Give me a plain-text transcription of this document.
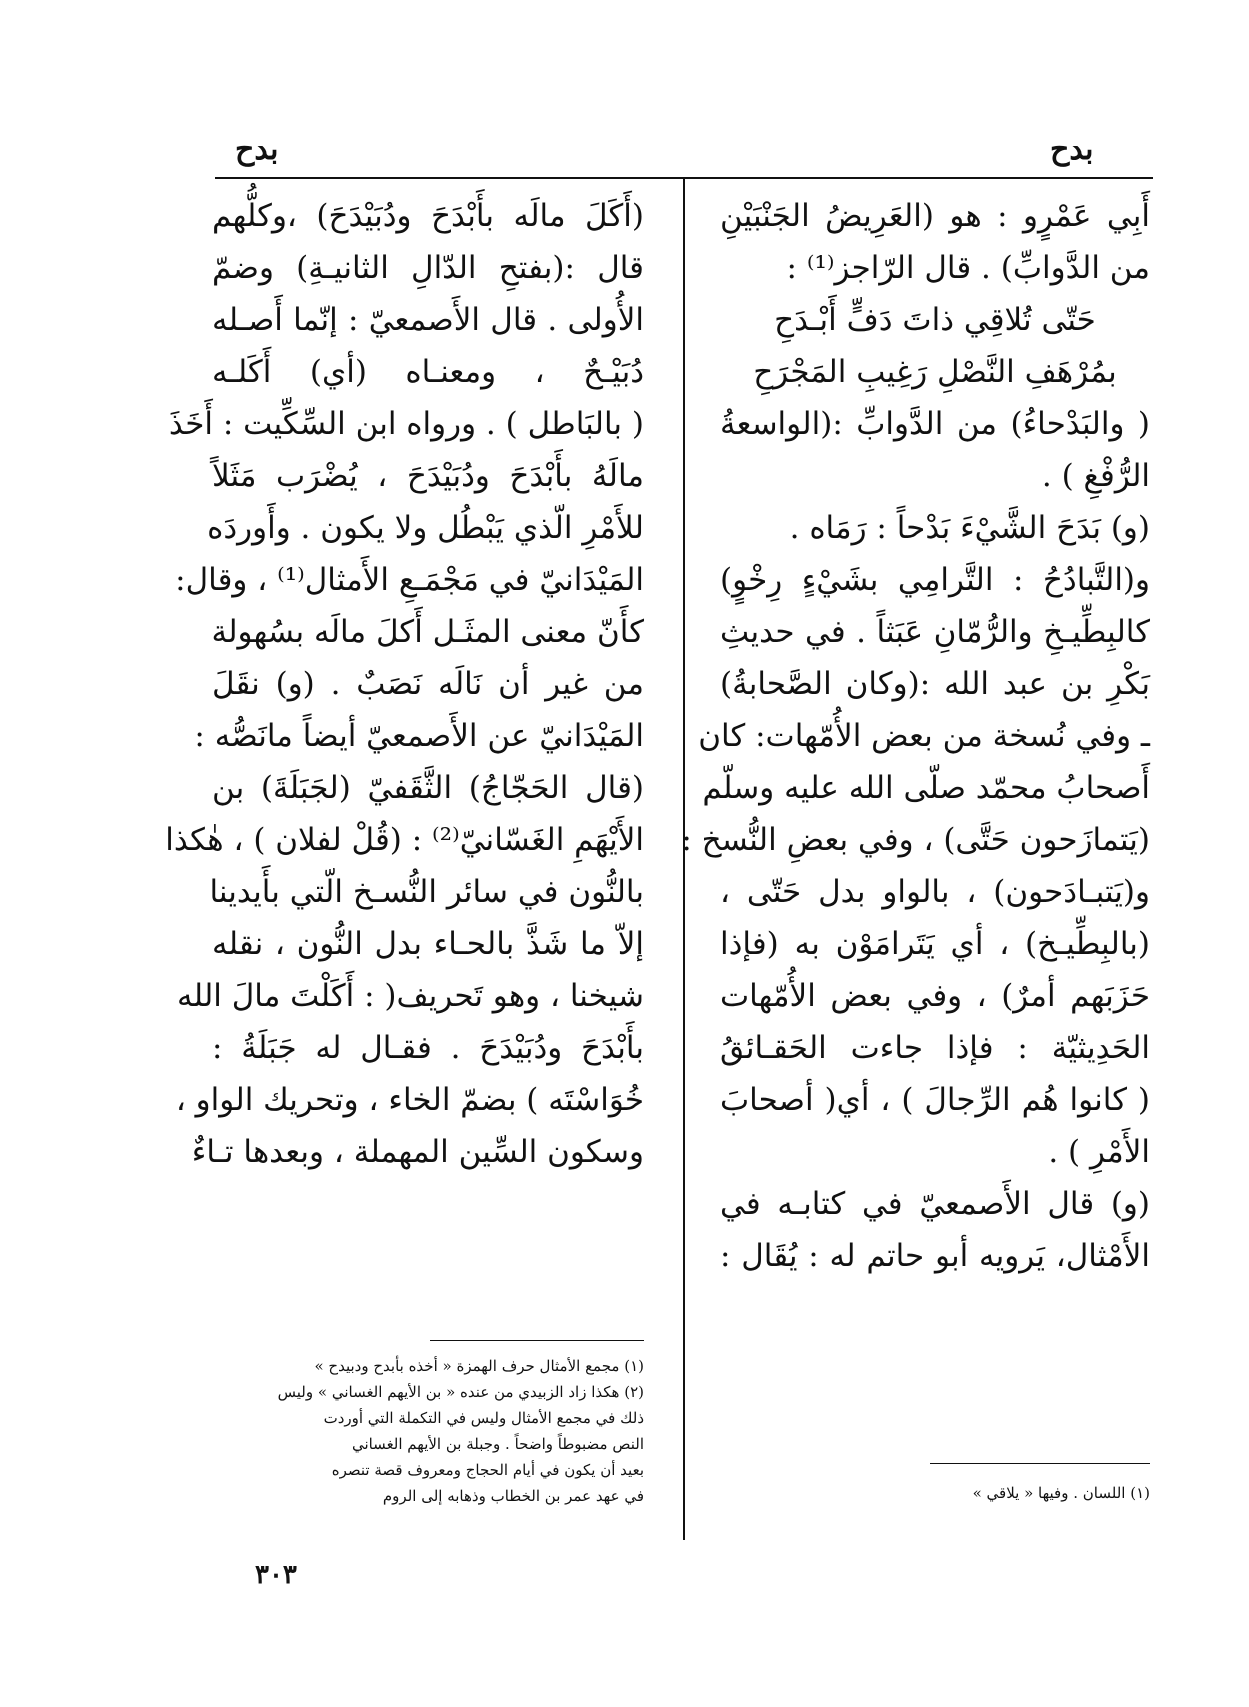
بدح
بدح
أَبِي عَمْرٍو : هو (العَرِيضُ الجَنْبَيْنِ
من الدَّوابِّ) . قال الرّاجز⁽¹⁾ :
حَتّى تُلاقِي ذاتَ دَفٍّ أَبْـدَحِ
بمُرْهَفِ النَّصْلِ رَغِيبِ المَجْرَحِ
( والبَدْحاءُ) من الدَّوابِّ :(الواسعةُ
الرُّفْغِ ) .
(و) بَدَحَ الشَّيْءَ بَدْحاً : رَمَاه .
و(التَّبادُحُ : التَّرامِي بشَيْءٍ رِخْوٍ)
كالبِطِّيـخِ والرُّمّانِ عَبَثاً . في حديثِ
بَكْرِ بن عبد الله :(وكان الصَّحابةُ)
ـ وفي نُسخة من بعض الأُمّهات: كان
أَصحابُ محمّد صلّى الله عليه وسلّم
(يَتمازَحون حَتَّى) ، وفي بعضِ النُّسخ :
و(يَتبـادَحون) ، بالواو بدل حَتّى ،
(بالبِطِّيـخ) ، أي يَتَرامَوْن به (فإذا
حَزَبَهم أمرٌ) ، وفي بعض الأُمّهات
الحَدِيثيّة : فإذا جاءت الحَقـائقُ
( كانوا هُم الرِّجالَ ) ، أي( أصحابَ
الأَمْرِ ) .
(و) قال الأَصمعيّ في كتابـه في
الأَمْثال، يَرويه أبو حاتم له : يُقَال :
(أَكَلَ مالَه بأَبْدَحَ ودُبَيْدَحَ) ،وكلُّهم
قال :(بفتحِ الدّالِ الثانيـةِ) وضمّ
الأُولى . قال الأَصمعيّ : إنّما أَصـله
دُبَيْـحٌ ، ومعنـاه (أي) أَكَلـه
( بالبَاطل ) . ورواه ابن السِّكِّيت : أَخَذَ
مالَهُ بأَبْدَحَ ودُبَيْدَحَ ، يُضْرَب مَثَلاً
للأَمْرِ الّذي يَبْطُل ولا يكون . وأَوردَه
المَيْدَانيّ في مَجْمَـعِ الأَمثال⁽¹⁾ ، وقال:
كأَنّ معنى المثَـل أَكلَ مالَه بسُهولة
من غير أن نَالَه نَصَبٌ . (و) نقَلَ
المَيْدَانيّ عن الأَصمعيّ أيضاً مانَصُّه :
(قال الحَجّاجُ) الثَّقَفيّ (لجَبَلَةَ) بن
الأَيْهَمِ الغَسّانيّ⁽²⁾ : (قُلْ لفلان ) ، هٰكذا
بالنُّون في سائر النُّسـخ الّتي بأَيدينا
إلاّ ما شَذَّ بالحـاء بدل النُّون ، نقله
شيخنا ، وهو تَحريف( : أَكَلْتَ مالَ الله
بأَبْدَحَ ودُبَيْدَحَ . فقـال له جَبَلَةُ :
خُوَاسْتَه ) بضمّ الخاء ، وتحريك الواو ،
وسكون السِّين المهملة ، وبعدها تـاءٌ
(١) مجمع الأمثال حرف الهمزة « أخذه بأبدح ودبيدح »
(٢) هكذا زاد الزبيدي من عنده « بن الأيهم الغساني » وليس
ذلك في مجمع الأمثال وليس في التكملة التي أوردت
النص مضبوطاً واضحاً . وجبلة بن الأيهم الغساني
بعيد أن يكون في أيام الحجاج ومعروف قصة تنصره
في عهد عمر بن الخطاب وذهابه إلى الروم	(١) اللسان . وفيها « يلاقي »
٣٠٣
